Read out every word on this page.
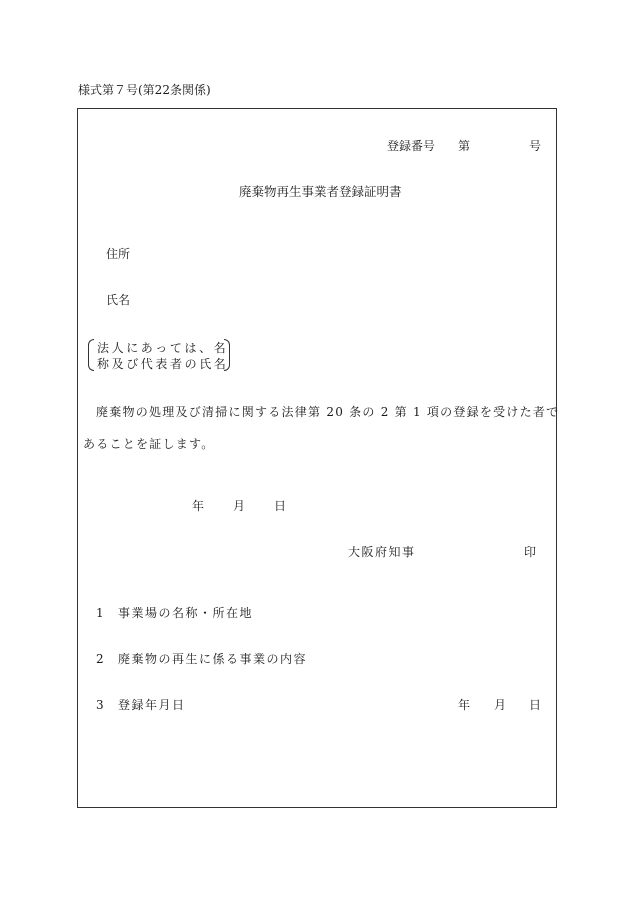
様式第７号(第22条関係)
登録番号 第	号
廃棄物再生事業者登録証明書
住所
氏名
法人にあっては、名
称及び代表者の氏名
廃棄物の処理及び清掃に関する法律第 20 条の 2 第 1 項の登録を受けた者で
あることを証します。
年 月 日
大阪府知事	印
1 事業場の名称・所在地
2 廃棄物の再生に係る事業の内容
3 登録年月日	年 月 日
